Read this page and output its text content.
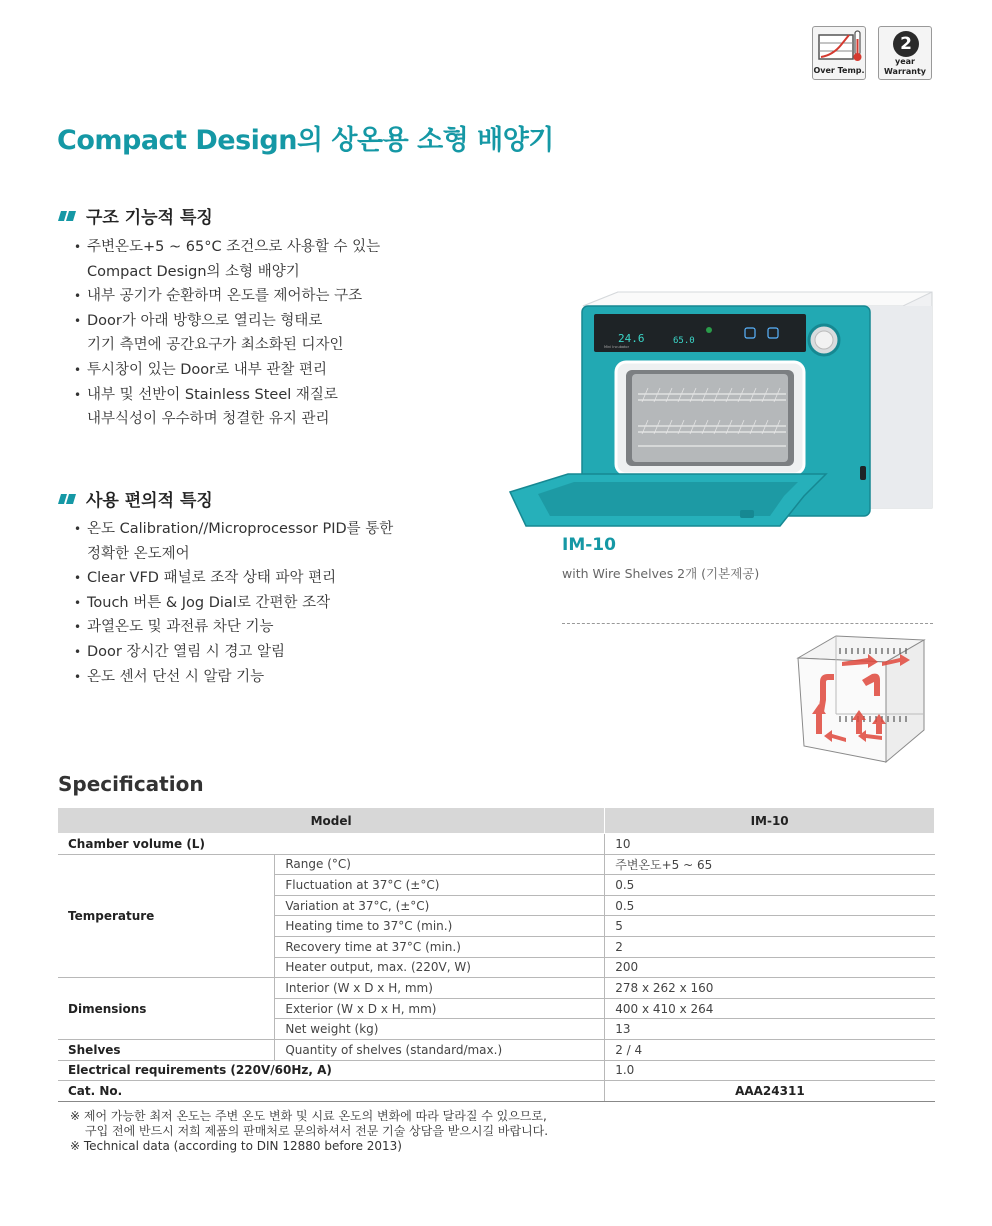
Over Temp.
2
year
Warranty
Compact Design의 상온용 소형 배양기
구조 기능적 특징
• 주변온도+5 ~ 65°C 조건으로 사용할 수 있는
Compact Design의 소형 배양기
• 내부 공기가 순환하며 온도를 제어하는 구조
• Door가 아래 방향으로 열리는 형태로
기기 측면에 공간요구가 최소화된 디자인
• 투시창이 있는 Door로 내부 관찰 편리
• 내부 및 선반이 Stainless Steel 재질로
내부식성이 우수하며 청결한 유지 관리
사용 편의적 특징
• 온도 Calibration//Microprocessor PID를 통한
정확한 온도제어
• Clear VFD 패널로 조작 상태 파악 편리
• Touch 버튼 & Jog Dial로 간편한 조작
• 과열온도 및 과전류 차단 기능
• Door 장시간 열림 시 경고 알림
• 온도 센서 단선 시 알람 기능
24.6	65.0
Mini Incubator
IM-10
with Wire Shelves 2개 (기본제공)
Specification
Model		IM-10
Chamber volume (L)		10
Temperature	Range (°C)	주변온도+5 ~ 65
	Fluctuation at 37°C (±°C)	0.5
	Variation at 37°C, (±°C)	0.5
	Heating time to 37°C (min.)	5
	Recovery time at 37°C (min.)	2
	Heater output, max. (220V, W)	200
Dimensions	Interior (W x D x H, mm)	278 x 262 x 160
	Exterior (W x D x H, mm)	400 x 410 x 264
	Net weight (kg)	13
Shelves	Quantity of shelves (standard/max.)	2 / 4
Electrical requirements (220V/60Hz, A)		1.0
Cat. No.		AAA24311
※ 제어 가능한 최저 온도는 주변 온도 변화 및 시료 온도의 변화에 따라 달라질 수 있으므로,
구입 전에 반드시 저희 제품의 판매처로 문의하셔서 전문 기술 상담을 받으시길 바랍니다.
※ Technical data (according to DIN 12880 before 2013)
